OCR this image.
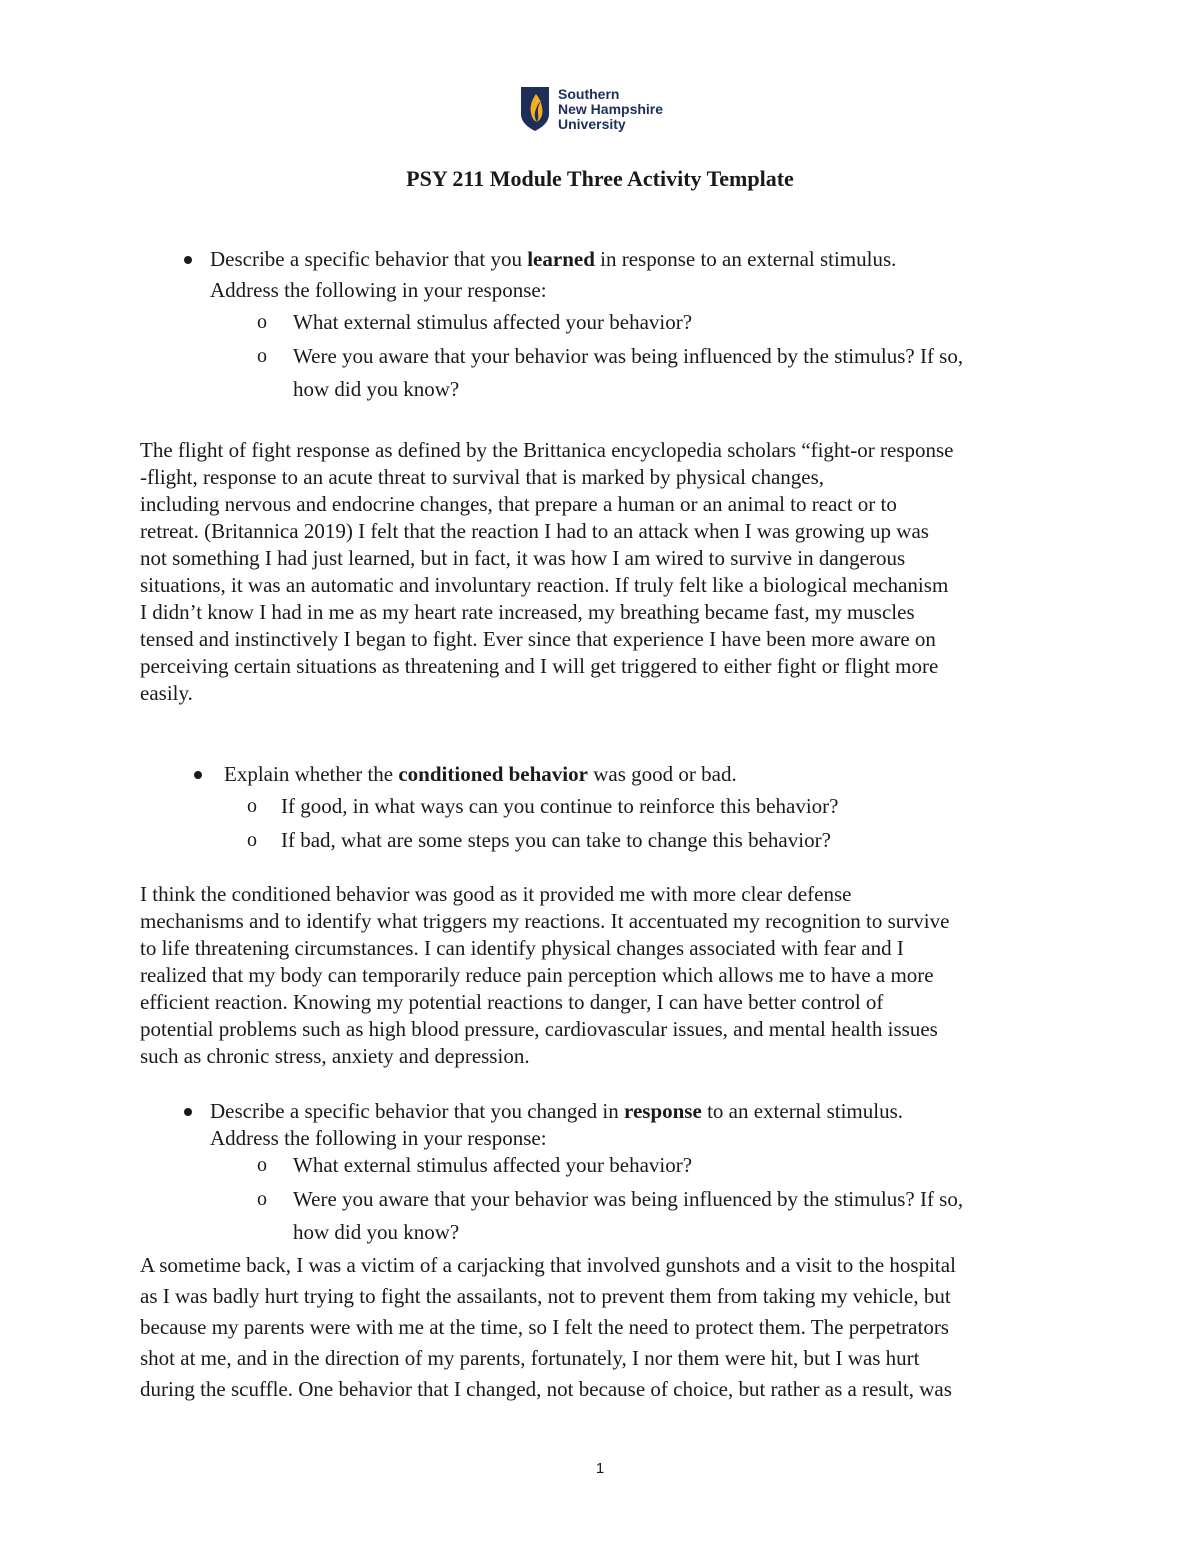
Southern
New Hampshire
University
PSY 211 Module Three Activity Template
Describe a specific behavior that you learned in response to an external stimulus.
Address the following in your response:
o What external stimulus affected your behavior?
o Were you aware that your behavior was being influenced by the stimulus? If so,
how did you know?
The flight of fight response as defined by the Brittanica encyclopedia scholars “fight-or response
-flight, response to an acute threat to survival that is marked by physical changes,
including nervous and endocrine changes, that prepare a human or an animal to react or to
retreat. (Britannica 2019) I felt that the reaction I had to an attack when I was growing up was
not something I had just learned, but in fact, it was how I am wired to survive in dangerous
situations, it was an automatic and involuntary reaction. If truly felt like a biological mechanism
I didn’t know I had in me as my heart rate increased, my breathing became fast, my muscles
tensed and instinctively I began to fight. Ever since that experience I have been more aware on
perceiving certain situations as threatening and I will get triggered to either fight or flight more
easily.
Explain whether the conditioned behavior was good or bad.
o If good, in what ways can you continue to reinforce this behavior?
o If bad, what are some steps you can take to change this behavior?
I think the conditioned behavior was good as it provided me with more clear defense
mechanisms and to identify what triggers my reactions. It accentuated my recognition to survive
to life threatening circumstances. I can identify physical changes associated with fear and I
realized that my body can temporarily reduce pain perception which allows me to have a more
efficient reaction. Knowing my potential reactions to danger, I can have better control of
potential problems such as high blood pressure, cardiovascular issues, and mental health issues
such as chronic stress, anxiety and depression.
Describe a specific behavior that you changed in response to an external stimulus.
Address the following in your response:
o What external stimulus affected your behavior?
o Were you aware that your behavior was being influenced by the stimulus? If so,
how did you know?
A sometime back, I was a victim of a carjacking that involved gunshots and a visit to the hospital
as I was badly hurt trying to fight the assailants, not to prevent them from taking my vehicle, but
because my parents were with me at the time, so I felt the need to protect them. The perpetrators
shot at me, and in the direction of my parents, fortunately, I nor them were hit, but I was hurt
during the scuffle. One behavior that I changed, not because of choice, but rather as a result, was
1
